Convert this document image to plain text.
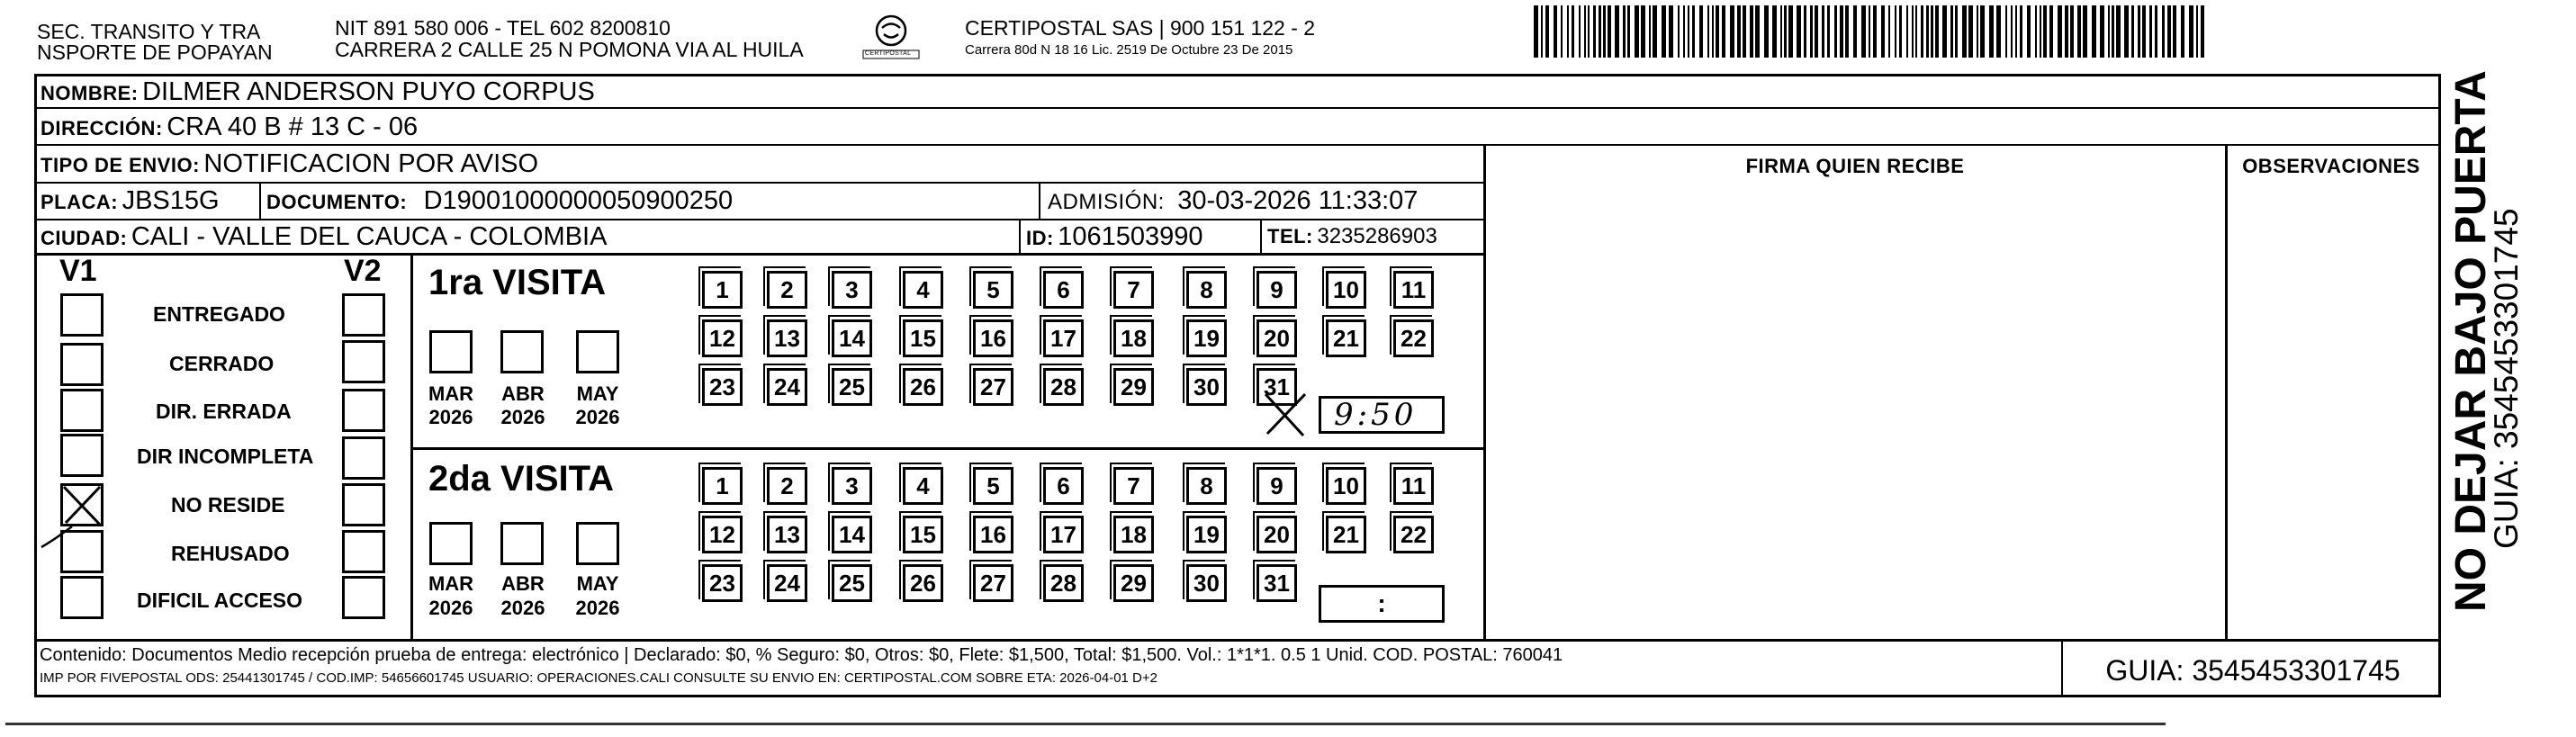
SEC. TRANSITO Y TRA
NSPORTE DE POPAYAN
NIT 891 580 006 - TEL 602 8200810
CARRERA 2 CALLE 25 N POMONA VIA AL HUILA	CERTIPOSTAL
CERTIPOSTAL SAS | 900 151 122 - 2
Carrera 80d N 18 16 Lic. 2519 De Octubre 23 De 2015
NOMBRE: DILMER ANDERSON PUYO CORPUS
DIRECCIÓN: CRA 40 B # 13 C - 06
TIPO DE ENVIO: NOTIFICACION POR AVISO	FIRMA QUIEN RECIBE	OBSERVACIONES
PLACA: JBS15G DOCUMENTO: D19001000000050900250	ADMISIÓN: 30-03-2026 11:33:07
CIUDAD: CALI - VALLE DEL CAUCA - COLOMBIA	ID: 1061503990	TEL: 3235286903
V1	V2
ENTREGADO
CERRADO
DIR. ERRADA
DIR INCOMPLETA
NO RESIDE
REHUSADO
DIFICIL ACCESO
1ra VISITA
MAR ABR MAY
2026 2026 2026
1	2	3	4	5	6	7	8	9	10	11
12	13	14	15	16	17	18	19	20	21	22
23	24	25	26	27	28	29	30	31
9:50
2da VISITA
MAR ABR MAY
2026 2026 2026
1	2	3	4	5	6	7	8	9	10	11
12	13	14	15	16	17	18	19	20	21	22
23	24	25	26	27	28	29	30	31
:
Contenido: Documentos Medio recepción prueba de entrega: electrónico | Declarado: $0, % Seguro: $0, Otros: $0, Flete: $1,500, Total: $1,500. Vol.: 1*1*1. 0.5 1 Unid. COD. POSTAL: 760041
IMP POR FIVEPOSTAL ODS: 25441301745 / COD.IMP: 54656601745 USUARIO: OPERACIONES.CALI CONSULTE SU ENVIO EN: CERTIPOSTAL.COM SOBRE ETA: 2026-04-01 D+2	GUIA: 3545453301745
NO DEJAR BAJO PUERTA
GUIA: 3545453301745
